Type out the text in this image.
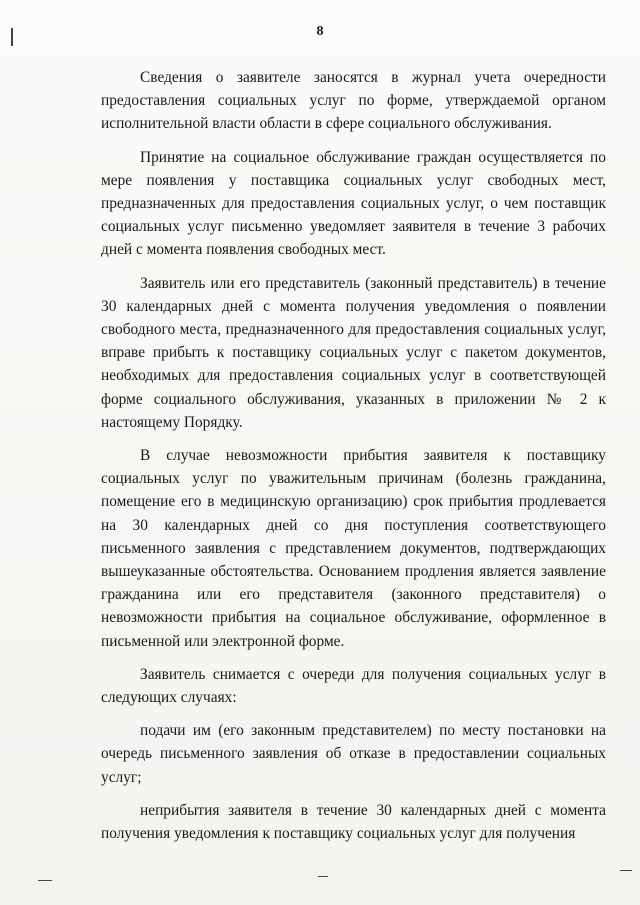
8

Сведения о заявителе заносятся в журнал учета очередности предоставления социальных услуг по форме, утверждаемой органом исполнительной власти области в сфере социального обслуживания.

Принятие на социальное обслуживание граждан осуществляется по мере появления у поставщика социальных услуг свободных мест, предназначенных для предоставления социальных услуг, о чем поставщик социальных услуг письменно уведомляет заявителя в течение 3 рабочих дней с момента появления свободных мест.

Заявитель или его представитель (законный представитель) в течение 30 календарных дней с момента получения уведомления о появлении свободного места, предназначенного для предоставления социальных услуг, вправе прибыть к поставщику социальных услуг с пакетом документов, необходимых для предоставления социальных услуг в соответствующей форме социального обслуживания, указанных в приложении № 2 к настоящему Порядку.

В случае невозможности прибытия заявителя к поставщику социальных услуг по уважительным причинам (болезнь гражданина, помещение его в медицинскую организацию) срок прибытия продлевается на 30 календарных дней со дня поступления соответствующего письменного заявления с представлением документов, подтверждающих вышеуказанные обстоятельства. Основанием продления является заявление гражданина или его представителя (законного представителя) о невозможности прибытия на социальное обслуживание, оформленное в письменной или электронной форме.

Заявитель снимается с очереди для получения социальных услуг в следующих случаях:

подачи им (его законным представителем) по месту постановки на очередь письменного заявления об отказе в предоставлении социальных услуг;

неприбытия заявителя в течение 30 календарных дней с момента получения уведомления к поставщику социальных услуг для получения
